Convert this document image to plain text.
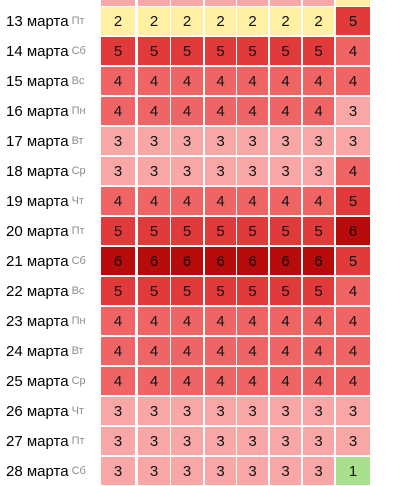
13 марта Пт	2	2	2	2	2	2	2	5
14 марта Сб	5	5	5	5	5	5	5	4
15 марта Вс	4	4	4	4	4	4	4	4
16 марта Пн	4	4	4	4	4	4	4	3
17 марта Вт	3	3	3	3	3	3	3	3
18 марта Ср	3	3	3	3	3	3	3	4
19 марта Чт	4	4	4	4	4	4	4	5
20 марта Пт	5	5	5	5	5	5	5	6
21 марта Сб	6	6	6	6	6	6	6	5
22 марта Вс	5	5	5	5	5	5	5	4
23 марта Пн	4	4	4	4	4	4	4	4
24 марта Вт	4	4	4	4	4	4	4	4
25 марта Ср	4	4	4	4	4	4	4	4
26 марта Чт	3	3	3	3	3	3	3	3
27 марта Пт	3	3	3	3	3	3	3	3
28 марта Сб	3	3	3	3	3	3	3	1
